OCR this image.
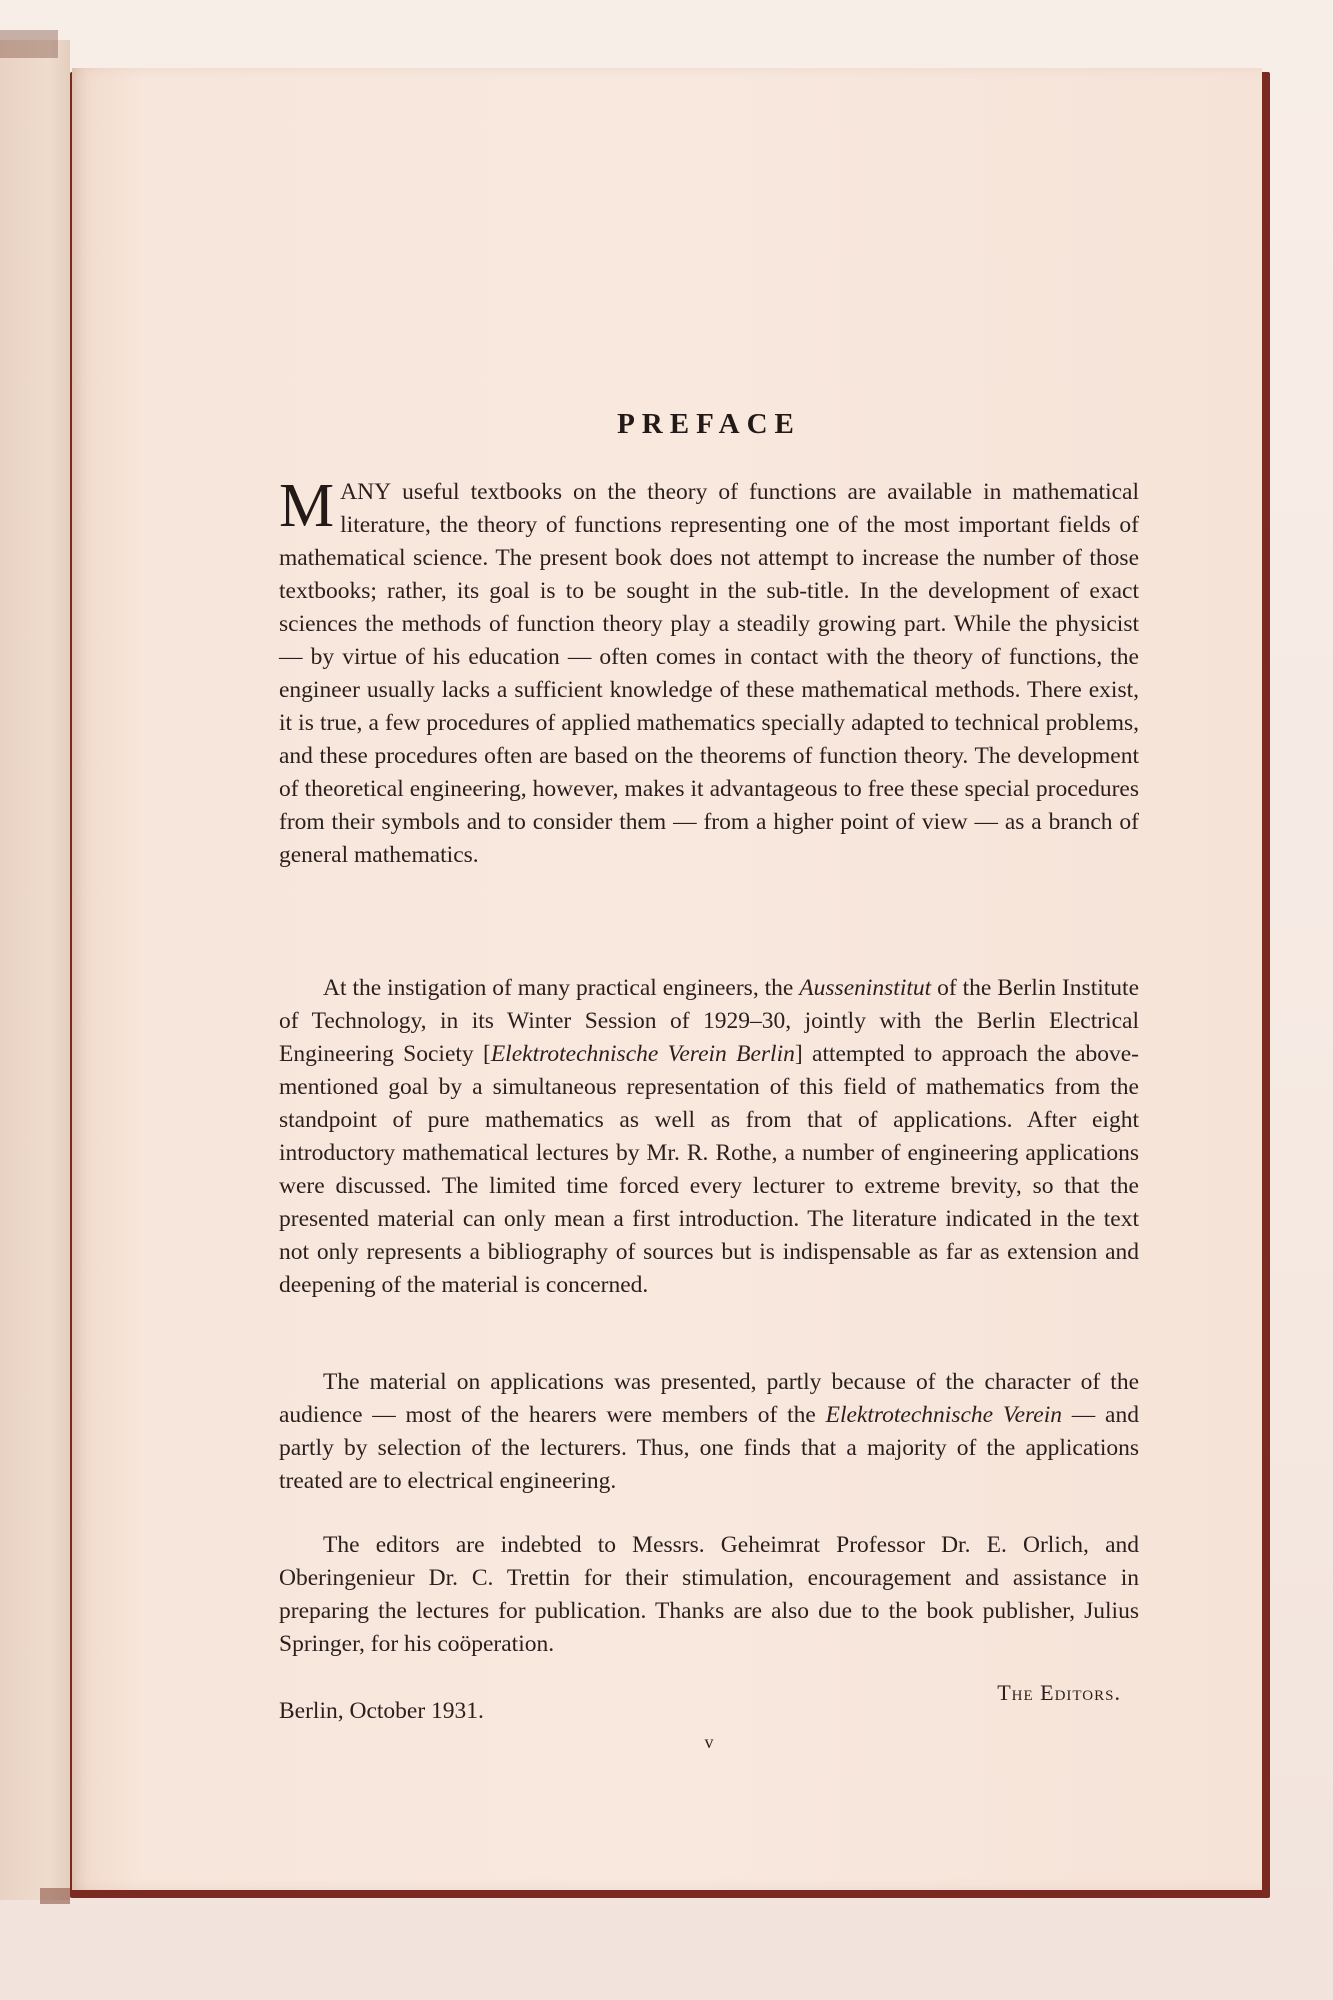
PREFACE

MANY useful textbooks on the theory of functions are available in mathematical literature, the theory of functions representing one of the most important fields of mathematical science. The present book does not attempt to increase the number of those textbooks; rather, its goal is to be sought in the sub-title. In the development of exact sciences the methods of function theory play a steadily growing part. While the physicist — by virtue of his education — often comes in contact with the theory of functions, the engineer usually lacks a sufficient knowledge of these mathematical methods. There exist, it is true, a few procedures of applied mathematics specially adapted to technical problems, and these procedures often are based on the theorems of function theory. The development of theoretical engineering, however, makes it advantageous to free these special procedures from their symbols and to consider them — from a higher point of view — as a branch of general mathematics.

At the instigation of many practical engineers, the Ausseninstitut of the Berlin Institute of Technology, in its Winter Session of 1929–30, jointly with the Berlin Electrical Engineering Society [Elektrotechnische Verein Berlin] attempted to approach the above-mentioned goal by a simultaneous representation of this field of mathematics from the standpoint of pure mathematics as well as from that of applications. After eight introductory mathematical lectures by Mr. R. Rothe, a number of engineering applications were discussed. The limited time forced every lecturer to extreme brevity, so that the presented material can only mean a first introduction. The literature indicated in the text not only represents a bibliography of sources but is indispensable as far as extension and deepening of the material is concerned.

The material on applications was presented, partly because of the character of the audience — most of the hearers were members of the Elektrotechnische Verein — and partly by selection of the lecturers. Thus, one finds that a majority of the applications treated are to electrical engineering.

The editors are indebted to Messrs. Geheimrat Professor Dr. E. Orlich, and Oberingenieur Dr. C. Trettin for their stimulation, encouragement and assistance in preparing the lectures for publication. Thanks are also due to the book publisher, Julius Springer, for his coöperation.

The Editors.
Berlin, October 1931.
v
